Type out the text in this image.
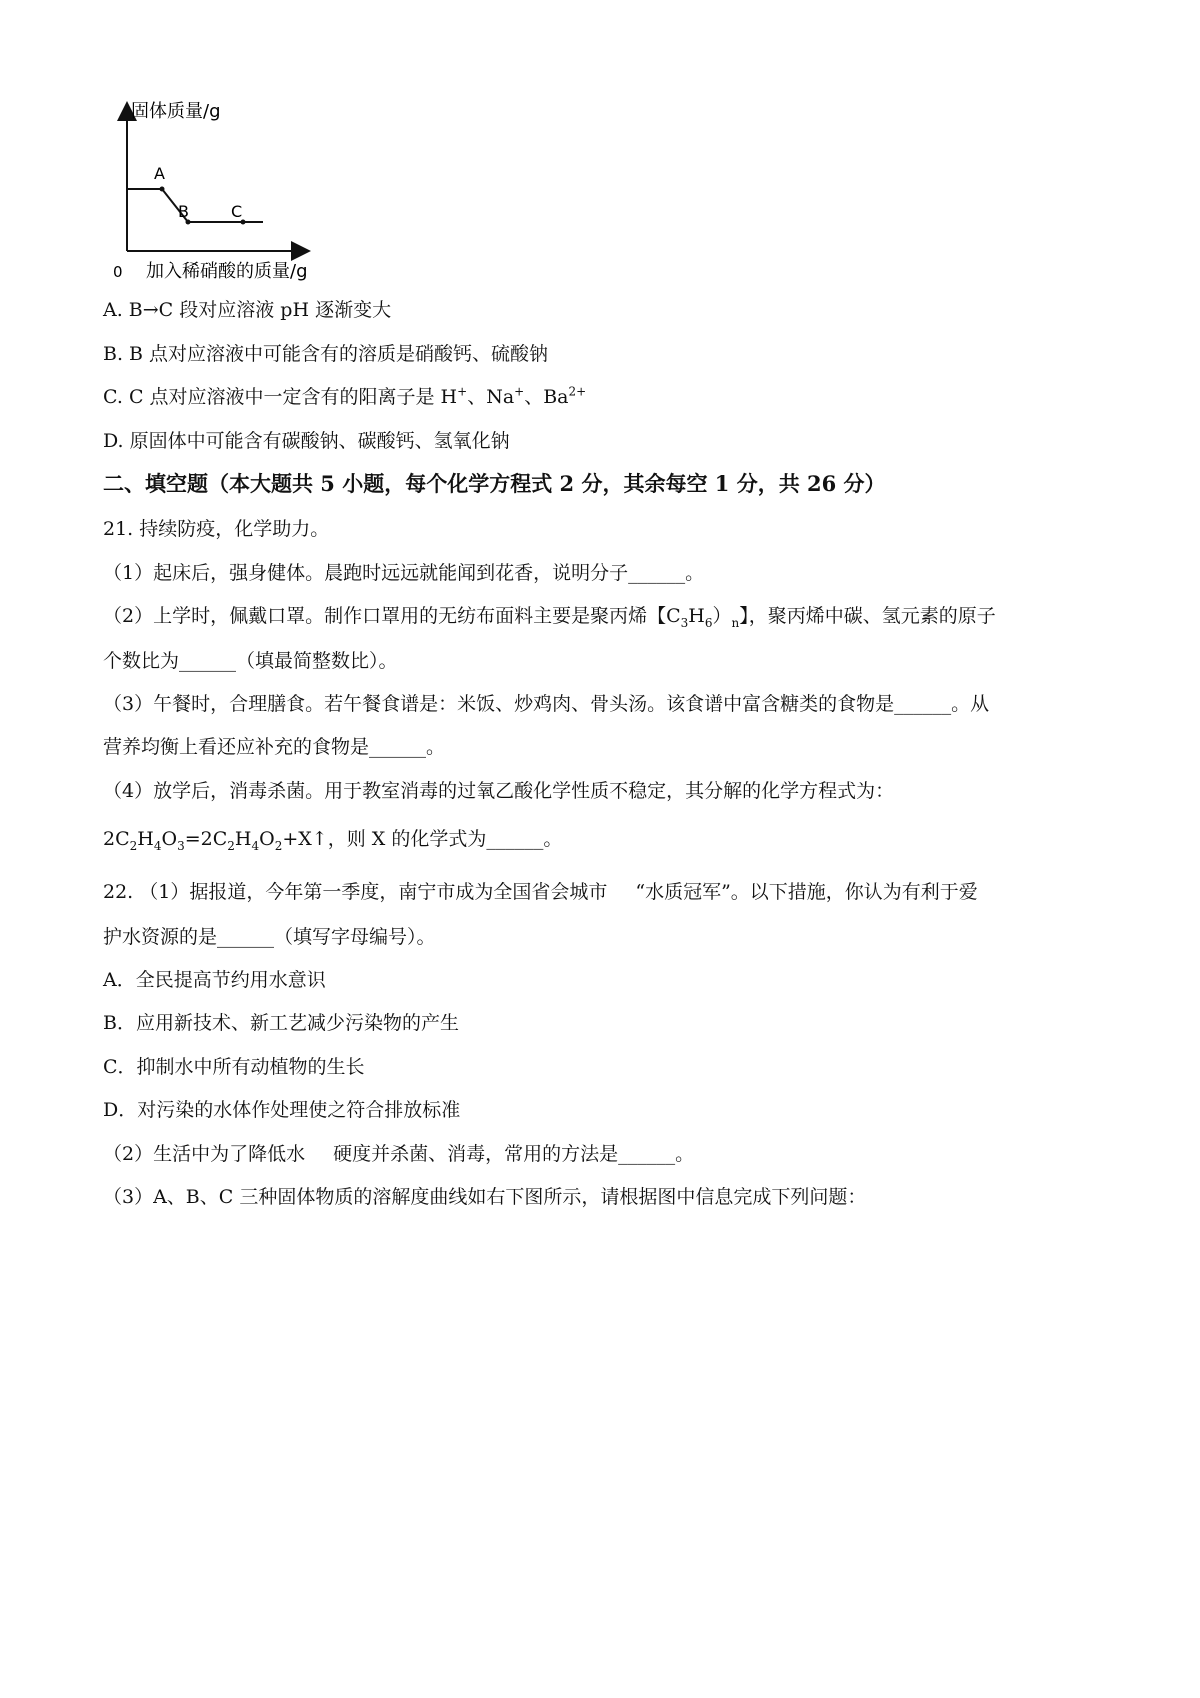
A
B	C
固体质量/g
0 加入稀硝酸的质量/g
A. B→C 段对应溶液 pH 逐渐变大
B. B 点对应溶液中可能含有的溶质是硝酸钙、硫酸钠
C. C 点对应溶液中一定含有的阳离子是 H+、Na+、$Ba^{2+}$
D. 原固体中可能含有碳酸钠、碳酸钙、氢氧化钠
二、填空题（本大题共 5 小题，每个化学方程式 2 分，其余每空 1 分，共 26 分）
21. 持续防疫，化学助力。
（1）起床后，强身健体。晨跑时远远就能闻到花香，说明分子______。
（2）上学时，佩戴口罩。制作口罩用的无纺布面料主要是聚丙烯【$C_3H_6)_n$】，聚丙烯中碳、氢元素的原子
个数比为______（填最简整数比）。
（3）午餐时，合理膳食。若午餐食谱是：米饭、炒鸡肉、骨头汤。该食谱中富含糖类的食物是______。从
营养均衡上看还应补充的食物是______。
（4）放学后，消毒杀菌。用于教室消毒的过氧乙酸化学性质不稳定，其分解的化学方程式为：
$2C_2H_4O_3=2C_2H_4O_2+X↑$，则 X 的化学式为______。
22. （1）据报道，今年第一季度，南宁市成为全国省会城市 “水质冠军”。以下措施，你认为有利于爱
护水资源的是______（填写字母编号）。
A．全民提高节约用水意识
B．应用新技术、新工艺减少污染物的产生
C．抑制水中所有动植物的生长
D．对污染的水体作处理使之符合排放标准
（2）生活中为了降低水 硬度并杀菌、消毒，常用的方法是______。
（3）A、B、C 三种固体物质的溶解度曲线如右下图所示，请根据图中信息完成下列问题：
